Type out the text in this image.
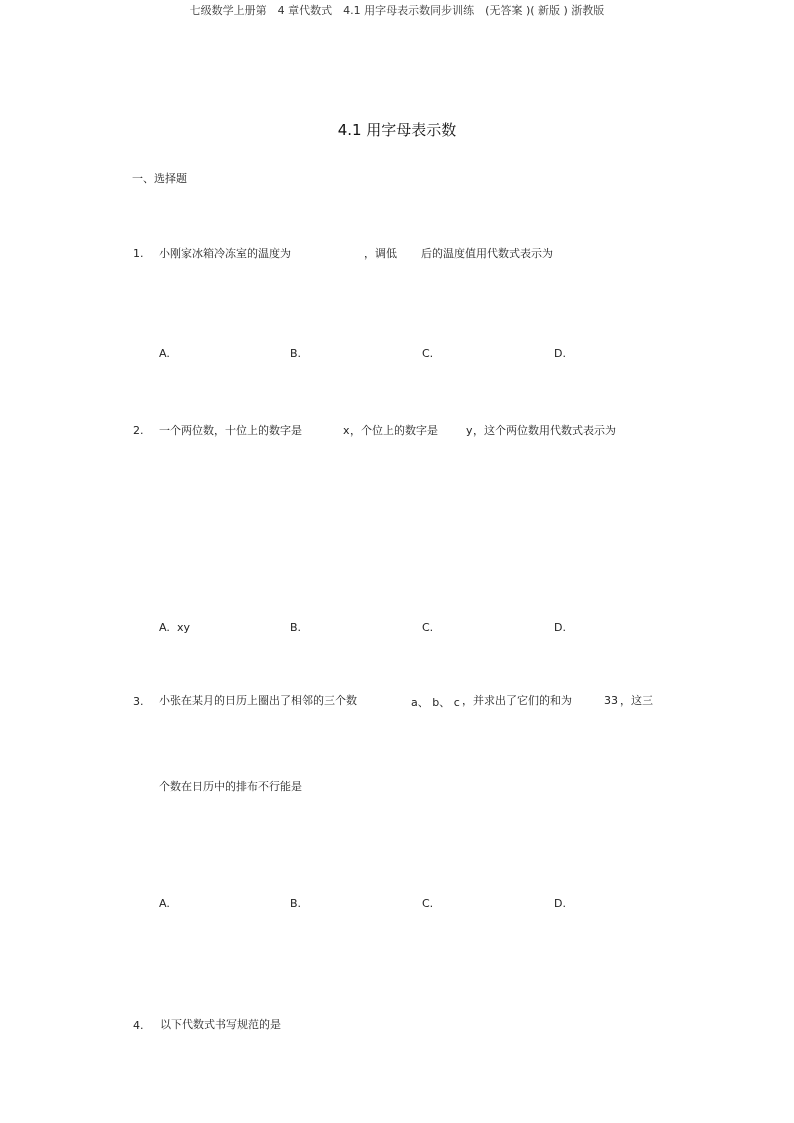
七级数学上册第　4 章代数式　4.1 用字母表示数同步训练　(无答案 )( 新版 ) 浙教版
4.1 用字母表示数
一、选择题
1. 小刚家冰箱冷冻室的温度为	，调低 后的温度值用代数式表示为
A.	B.	C.	D.
2. 一个两位数，十位上的数字是	x ，个位上的数字是	y ，这个两位数用代数式表示为
A. xy	B.	C.	D.
3. 小张在某月的日历上圈出了相邻的三个数	a、 b、 c ，并求出了它们的和为	33 ，这三
个数在日历中的排布不行能是
A.	B.	C.	D.
4. 以下代数式书写规范的是
